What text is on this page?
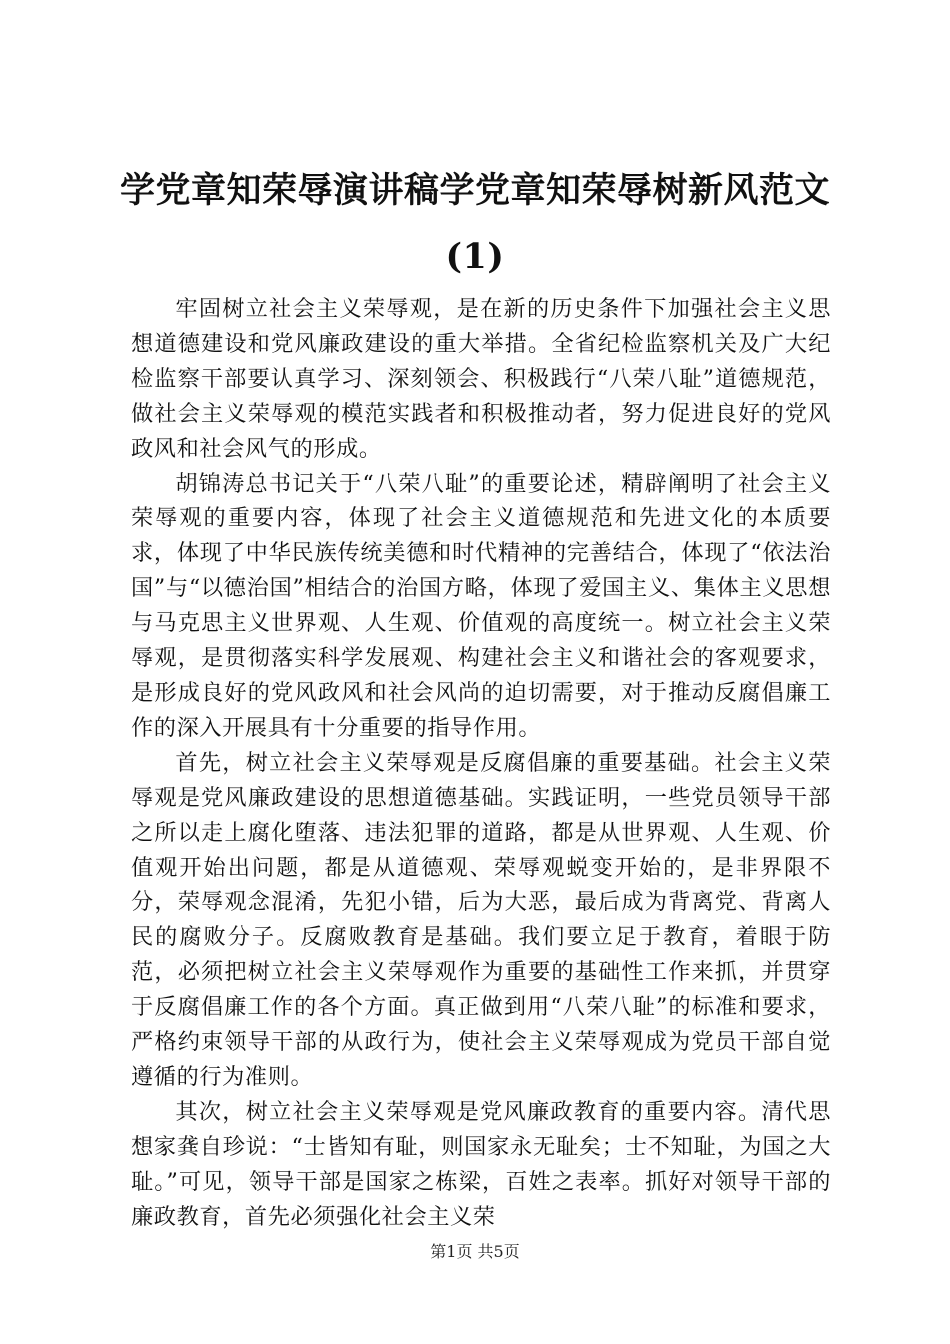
学党章知荣辱演讲稿学党章知荣辱树新风范文(1)

牢固树立社会主义荣辱观，是在新的历史条件下加强社会主义思想道德建设和党风廉政建设的重大举措。全省纪检监察机关及广大纪检监察干部要认真学习、深刻领会、积极践行“八荣八耻”道德规范，做社会主义荣辱观的模范实践者和积极推动者，努力促进良好的党风政风和社会风气的形成。

胡锦涛总书记关于“八荣八耻”的重要论述，精辟阐明了社会主义荣辱观的重要内容，体现了社会主义道德规范和先进文化的本质要求，体现了中华民族传统美德和时代精神的完善结合，体现了“依法治国”与“以德治国”相结合的治国方略，体现了爱国主义、集体主义思想与马克思主义世界观、人生观、价值观的高度统一。树立社会主义荣辱观，是贯彻落实科学发展观、构建社会主义和谐社会的客观要求，是形成良好的党风政风和社会风尚的迫切需要，对于推动反腐倡廉工作的深入开展具有十分重要的指导作用。

首先，树立社会主义荣辱观是反腐倡廉的重要基础。社会主义荣辱观是党风廉政建设的思想道德基础。实践证明，一些党员领导干部之所以走上腐化堕落、违法犯罪的道路，都是从世界观、人生观、价值观开始出问题，都是从道德观、荣辱观蜕变开始的，是非界限不分，荣辱观念混淆，先犯小错，后为大恶，最后成为背离党、背离人民的腐败分子。反腐败教育是基础。我们要立足于教育，着眼于防范，必须把树立社会主义荣辱观作为重要的基础性工作来抓，并贯穿于反腐倡廉工作的各个方面。真正做到用“八荣八耻”的标准和要求，严格约束领导干部的从政行为，使社会主义荣辱观成为党员干部自觉遵循的行为准则。

其次，树立社会主义荣辱观是党风廉政教育的重要内容。清代思想家龚自珍说：“士皆知有耻，则国家永无耻矣；士不知耻，为国之大耻。”可见，领导干部是国家之栋梁，百姓之表率。抓好对领导干部的廉政教育，首先必须强化社会主义荣

第1页 共5页
